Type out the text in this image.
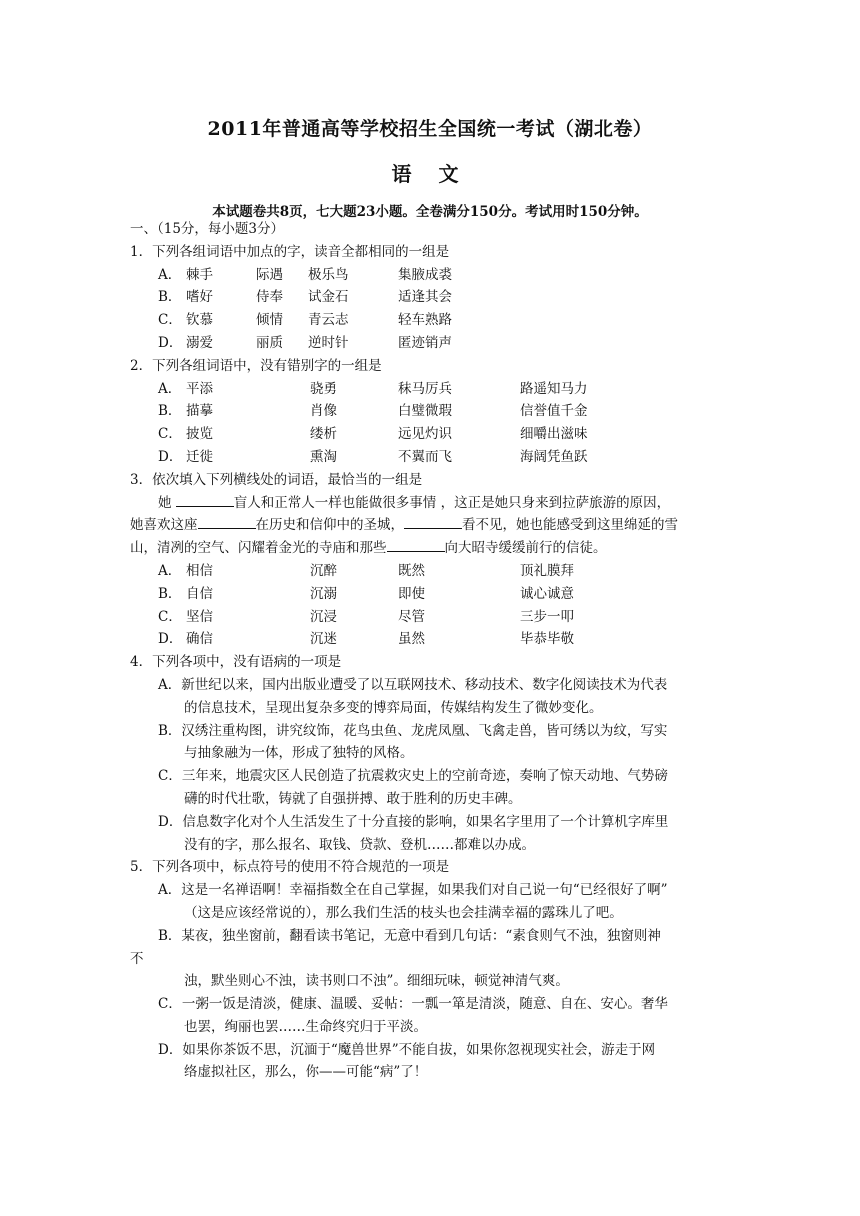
2011年普通高等学校招生全国统一考试（湖北卷）
语 文
本试题卷共8页，七大题23小题。全卷满分150分。考试用时150分钟。
一、（15分，每小题3分）
1．下列各组词语中加点的字，读音全都相同的一组是
A． 棘手	际遇	极乐鸟	集腋成裘
B． 嗜好	侍奉	试金石	适逢其会
C． 钦慕	倾情	青云志	轻车熟路
D． 溺爱	丽质	逆时针	匿迹销声
2．下列各组词语中，没有错别字的一组是
A． 平添	骁勇	秣马厉兵	路遥知马力
B． 描摹	肖像	白璧微瑕	信誉值千金
C． 披览	缕析	远见灼识	细嚼出滋味
D． 迁徙	熏淘	不翼而飞	海阔凭鱼跃
3．依次填入下列横线处的词语，最恰当的一组是
她	盲人和正常人一样也能做很多事情 ，这正是她只身来到拉萨旅游的原因，
她喜欢这座	在历史和信仰中的圣城，	看不见，她也能感受到这里绵延的雪
山，清冽的空气、闪耀着金光的寺庙和那些	向大昭寺缓缓前行的信徒。
A． 相信	沉醉	既然	顶礼膜拜
B． 自信	沉溺	即使	诚心诚意
C． 坚信	沉浸	尽管	三步一叩
D． 确信	沉迷	虽然	毕恭毕敬
4．下列各项中，没有语病的一项是
A．新世纪以来，国内出版业遭受了以互联网技术、移动技术、数字化阅读技术为代表
的信息技术，呈现出复杂多变的博弈局面，传媒结构发生了微妙变化。
B．汉绣注重构图，讲究纹饰，花鸟虫鱼、龙虎凤凰、飞禽走兽，皆可绣以为纹，写实
与抽象融为一体，形成了独特的风格。
C．三年来，地震灾区人民创造了抗震救灾史上的空前奇迹，奏响了惊天动地、气势磅
礴的时代壮歌，铸就了自强拼搏、敢于胜利的历史丰碑。
D．信息数字化对个人生活发生了十分直接的影响，如果名字里用了一个计算机字库里
没有的字，那么报名、取钱、贷款、登机……都难以办成。
5．下列各项中，标点符号的使用不符合规范的一项是
A．这是一名禅语啊！幸福指数全在自己掌握，如果我们对自己说一句“已经很好了啊”
（这是应该经常说的），那么我们生活的枝头也会挂满幸福的露珠儿了吧。
B．某夜，独坐窗前，翻看读书笔记，无意中看到几句话：“素食则气不浊，独窗则神
不
浊，默坐则心不浊，读书则口不浊”。细细玩味，顿觉神清气爽。
C．一粥一饭是清淡，健康、温暖、妥帖：一瓢一箪是清淡，随意、自在、安心。奢华
也罢，绚丽也罢……生命终究归于平淡。
D．如果你茶饭不思，沉湎于“魔兽世界”不能自拔，如果你忽视现实社会，游走于网
络虚拟社区，那么，你——可能“病”了！
